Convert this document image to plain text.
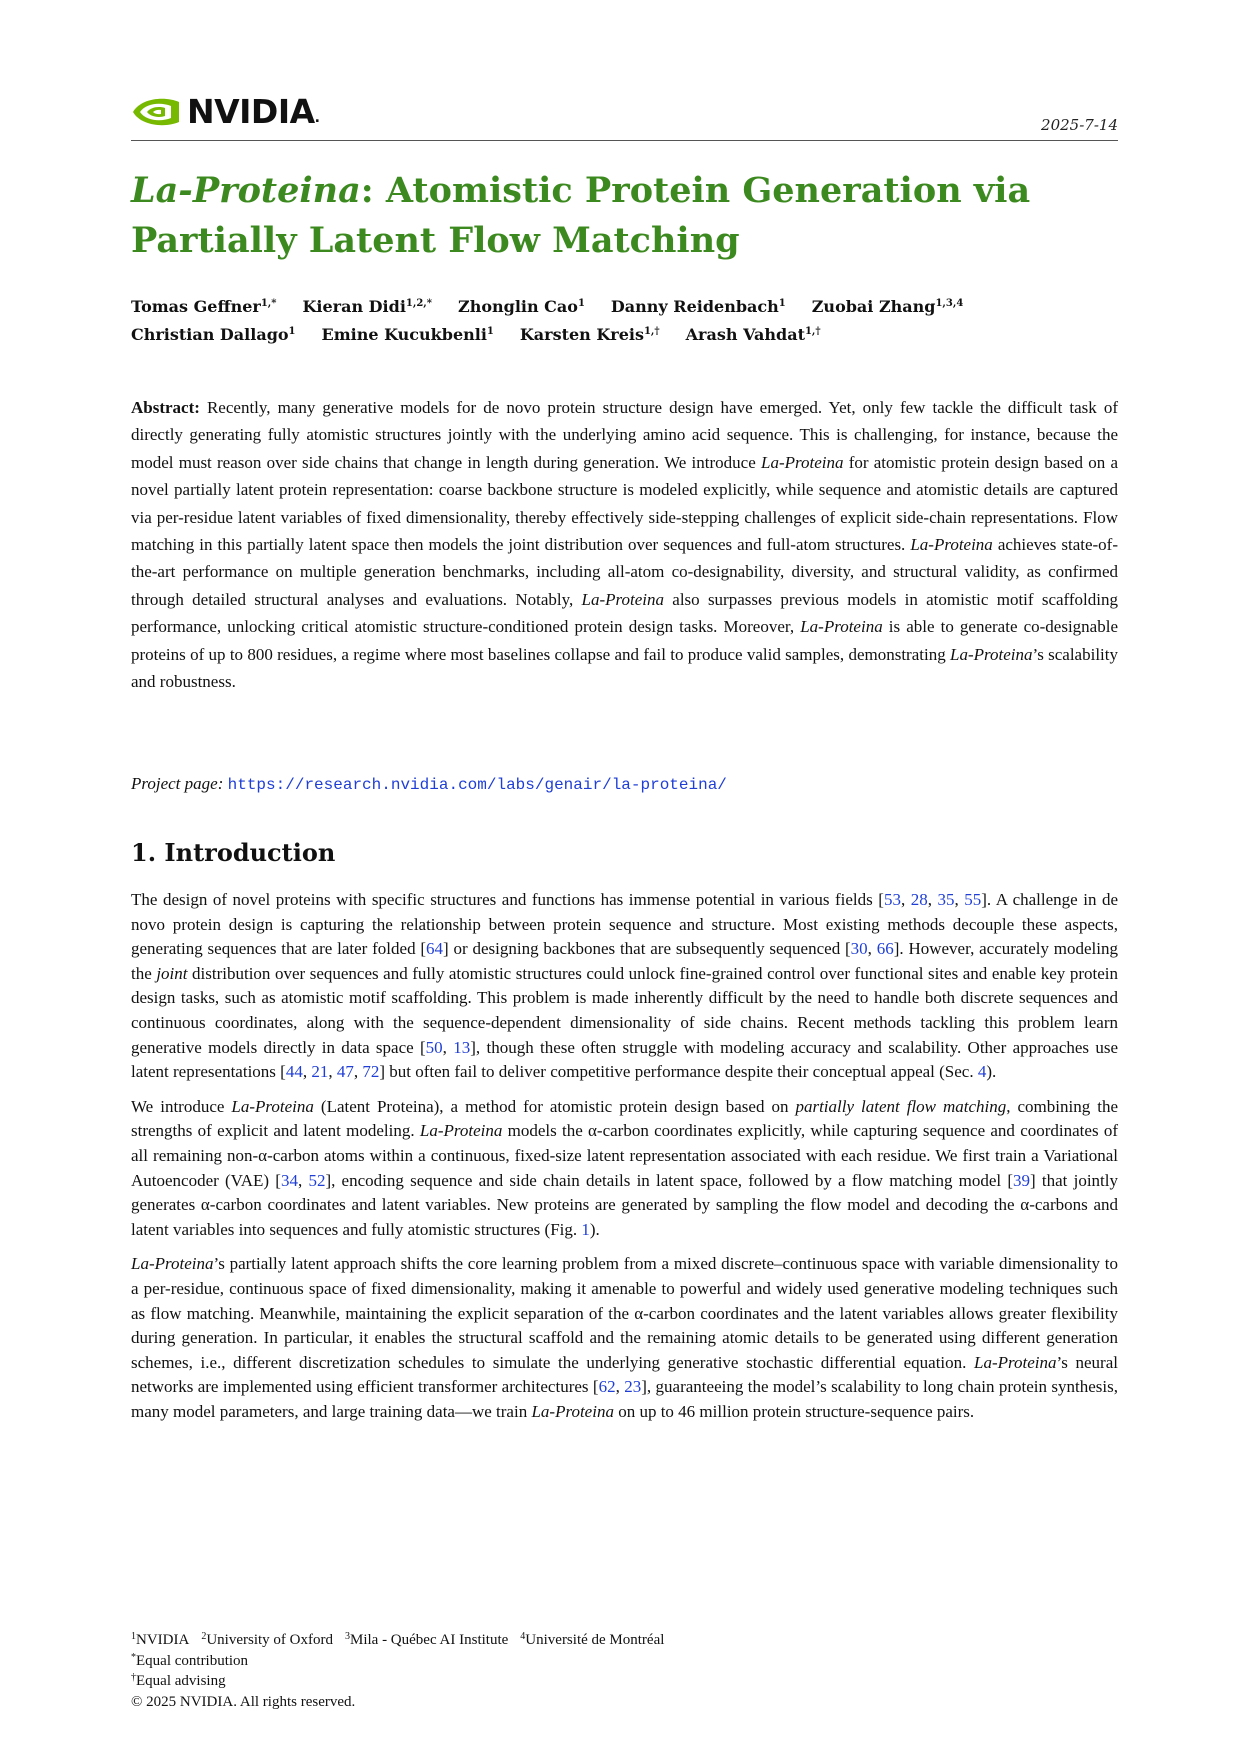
NVIDIA.	2025-7-14
La-Proteina: Atomistic Protein Generation via
Partially Latent Flow Matching
Tomas Geffner$^{1,*}$ Kieran Didi$^{1,2,*}$ Zhonglin Cao$^1$ Danny Reidenbach$^1$ Zuobai Zhang$^{1,3,4}$
Christian Dallago$^1$ Emine Kucukbenli$^1$ Karsten Kreis$^{1,\dagger}$ Arash Vahdat$^{1,\dagger}$

Abstract: Recently, many generative models for de novo protein structure design have emerged. Yet, only few tackle the difficult task of directly generating fully atomistic structures jointly with the underlying amino acid sequence. This is challenging, for instance, because the model must reason over side chains that change in length during generation. We introduce La-Proteina for atomistic protein design based on a novel partially latent protein representation: coarse backbone structure is modeled explicitly, while sequence and atomistic details are captured via per-residue latent variables of fixed dimensionality, thereby effectively side-stepping challenges of explicit side-chain representations. Flow matching in this partially latent space then models the joint distribution over sequences and full-atom structures. La-Proteina achieves state-of-the-art performance on multiple generation benchmarks, including all-atom co-designability, diversity, and structural validity, as confirmed through detailed structural analyses and evaluations. Notably, La-Proteina also surpasses previous models in atomistic motif scaffolding performance, unlocking critical atomistic structure-conditioned protein design tasks. Moreover, La-Proteina is able to generate co-designable proteins of up to 800 residues, a regime where most baselines collapse and fail to produce valid samples, demonstrating La-Proteina’s scalability and robustness.

Project page: https://research.nvidia.com/labs/genair/la-proteina/
1. Introduction

The design of novel proteins with specific structures and functions has immense potential in various fields [53, 28, 35, 55]. A challenge in de novo protein design is capturing the relationship between protein sequence and structure. Most existing methods decouple these aspects, generating sequences that are later folded [64] or designing backbones that are subsequently sequenced [30, 66]. However, accurately modeling the joint distribution over sequences and fully atomistic structures could unlock fine-grained control over functional sites and enable key protein design tasks, such as atomistic motif scaffolding. This problem is made inherently difficult by the need to handle both discrete sequences and continuous coordinates, along with the sequence-dependent dimensionality of side chains. Recent methods tackling this problem learn generative models directly in data space [50, 13], though these often struggle with modeling accuracy and scalability. Other approaches use latent representations [44, 21, 47, 72] but often fail to deliver competitive performance despite their conceptual appeal (Sec. 4).

We introduce La-Proteina (Latent Proteina), a method for atomistic protein design based on partially latent flow matching, combining the strengths of explicit and latent modeling. La-Proteina models the α-carbon coordinates explicitly, while capturing sequence and coordinates of all remaining non-α-carbon atoms within a continuous, fixed-size latent representation associated with each residue. We first train a Variational Autoencoder (VAE) [34, 52], encoding sequence and side chain details in latent space, followed by a flow matching model [39] that jointly generates α-carbon coordinates and latent variables. New proteins are generated by sampling the flow model and decoding the α-carbons and latent variables into sequences and fully atomistic structures (Fig. 1).

La-Proteina’s partially latent approach shifts the core learning problem from a mixed discrete–continuous space with variable dimensionality to a per-residue, continuous space of fixed dimensionality, making it amenable to powerful and widely used generative modeling techniques such as flow matching. Meanwhile, maintaining the explicit separation of the α-carbon coordinates and the latent variables allows greater flexibility during generation. In particular, it enables the structural scaffold and the remaining atomic details to be generated using different generation schemes, i.e., different discretization schedules to simulate the underlying generative stochastic differential equation. La-Proteina’s neural networks are implemented using efficient transformer architectures [62, 23], guaranteeing the model’s scalability to long chain protein synthesis, many model parameters, and large training data—we train La-Proteina on up to 46 million protein structure-sequence pairs.

$^1$NVIDIA $^2$University of Oxford $^3$Mila - Québec AI Institute $^4$Université de Montréal
*Equal contribution
†Equal advising
© 2025 NVIDIA. All rights reserved.
